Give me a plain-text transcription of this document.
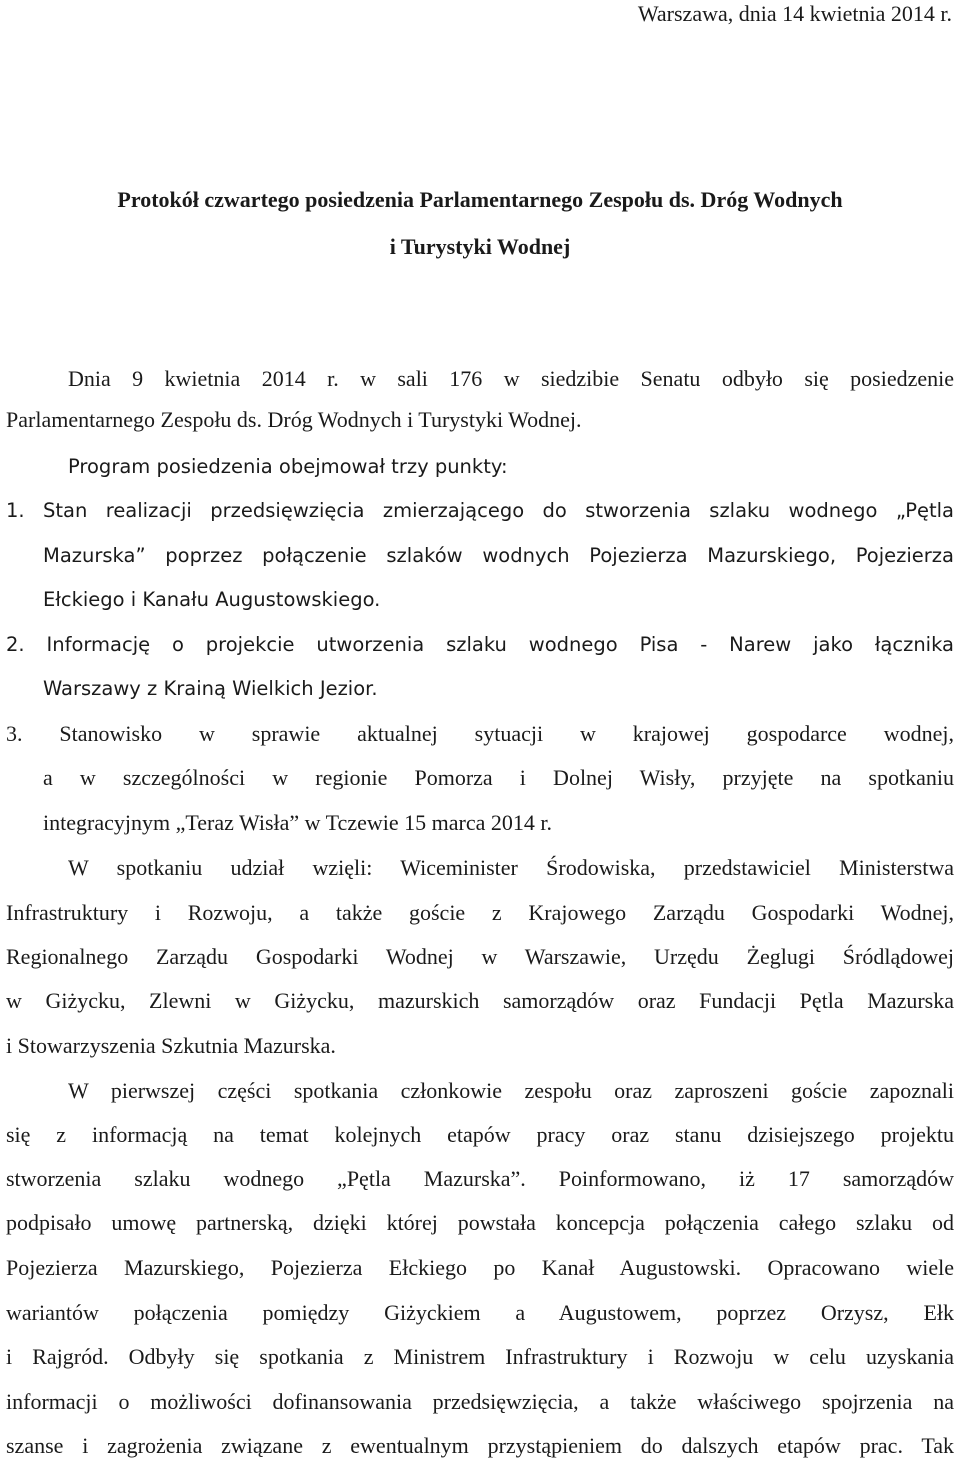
Warszawa, dnia 14 kwietnia 2014 r.
Protokół czwartego posiedzenia Parlamentarnego Zespołu ds. Dróg Wodnych
i Turystyki Wodnej
Dnia 9 kwietnia 2014 r. w sali 176 w siedzibie Senatu odbyło się posiedzenie
Parlamentarnego Zespołu ds. Dróg Wodnych i Turystyki Wodnej.
Program posiedzenia obejmował trzy punkty:
1. Stan realizacji przedsięwzięcia zmierzającego do stworzenia szlaku wodnego „Pętla
Mazurska” poprzez połączenie szlaków wodnych Pojezierza Mazurskiego, Pojezierza
Ełckiego i Kanału Augustowskiego.
2. Informację o projekcie utworzenia szlaku wodnego Pisa - Narew jako łącznika
Warszawy z Krainą Wielkich Jezior.
3. Stanowisko w sprawie aktualnej sytuacji w krajowej gospodarce wodnej,
a w szczególności w regionie Pomorza i Dolnej Wisły, przyjęte na spotkaniu
integracyjnym „Teraz Wisła” w Tczewie 15 marca 2014 r.
W spotkaniu udział wzięli: Wiceminister Środowiska, przedstawiciel Ministerstwa
Infrastruktury i Rozwoju, a także goście z Krajowego Zarządu Gospodarki Wodnej,
Regionalnego Zarządu Gospodarki Wodnej w Warszawie, Urzędu Żeglugi Śródlądowej
w Giżycku, Zlewni w Giżycku, mazurskich samorządów oraz Fundacji Pętla Mazurska
i Stowarzyszenia Szkutnia Mazurska.
W pierwszej części spotkania członkowie zespołu oraz zaproszeni goście zapoznali
się z informacją na temat kolejnych etapów pracy oraz stanu dzisiejszego projektu
stworzenia szlaku wodnego „Pętla Mazurska”. Poinformowano, iż 17 samorządów
podpisało umowę partnerską, dzięki której powstała koncepcja połączenia całego szlaku od
Pojezierza Mazurskiego, Pojezierza Ełckiego po Kanał Augustowski. Opracowano wiele
wariantów połączenia pomiędzy Giżyckiem a Augustowem, poprzez Orzysz, Ełk
i Rajgród. Odbyły się spotkania z Ministrem Infrastruktury i Rozwoju w celu uzyskania
informacji o możliwości dofinansowania przedsięwzięcia, a także właściwego spojrzenia na
szanse i zagrożenia związane z ewentualnym przystąpieniem do dalszych etapów prac. Tak
